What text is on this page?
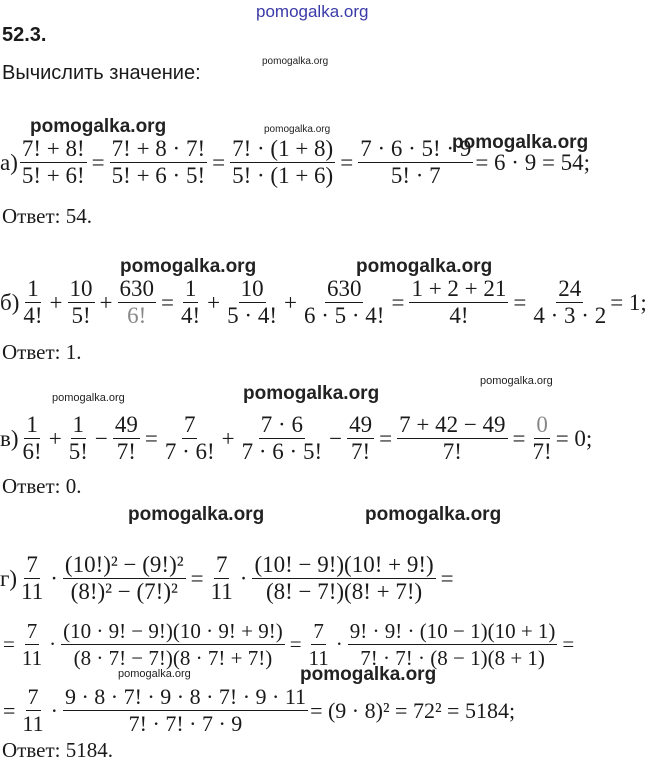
pomogalka.org
52.3.
Вычислить значение:
pomogalka.org
pomogalka.org	pomogalka.org
pomogalka.org
pomogalka.org	pomogalka.org
pomogalka.org	pomogalka.org
pomogalka.org
pomogalka.org	pomogalka.org
pomogalka.org	pomogalka.org
$а) \frac{7! + 8!}{5! + 6!} = \frac{7! + 8 \cdot 7!}{5! + 6 \cdot 5!} = \frac{7! \cdot (1 + 8)}{5! \cdot (1 + 6)} = \frac{7 \cdot 6 \cdot 5! \cdot 9}{5! \cdot 7} = 6 \cdot 9 = 54$;
Ответ: 54.
$б) \frac{1}{4!} + \frac{10}{5!} + \frac{630}{6!} = \frac{1}{4!} + \frac{10}{5 \cdot 4!} + \frac{630}{6 \cdot 5 \cdot 4!} = \frac{1 + 2 + 21}{4!} = \frac{24}{4 \cdot 3 \cdot 2} = 1$;
Ответ: 1.
$в) \frac{1}{6!} + \frac{1}{5!} - \frac{49}{7!} = \frac{7}{7 \cdot 6!} + \frac{7 \cdot 6}{7 \cdot 6 \cdot 5!} - \frac{49}{7!} = \frac{7 + 42 - 49}{7!} = \frac{0}{7!} = 0$;
Ответ: 0.
$г) \frac{7}{11} \cdot \frac{\text{(10!)² − (9!)²}}{\text{(8!)² − (7!)²}} = \frac{7}{11} \cdot \frac{(10! - 9!)(10! + 9!)}{(8! - 7!)(8! + 7!)}$ =
= $\frac{7}{11} \cdot \frac{(10 \cdot 9! - 9!)(10 \cdot 9! + 9!)}{(8 \cdot 7! - 7!)(8 \cdot 7! + 7!)} = \frac{7}{11} \cdot \frac{9! \cdot 9! \cdot (10 - 1)(10 + 1)}{7! \cdot 7! \cdot (8 - 1)(8 + 1)}$ =
= $\frac{7}{11} \cdot \frac{9 \cdot 8 \cdot 7! \cdot 9 \cdot 8 \cdot 7! \cdot 9 \cdot 11}{7! \cdot 7! \cdot 7 \cdot 9} = (9 \cdot 8)^2 = 72^2 = 5184$;
Ответ: 5184.
